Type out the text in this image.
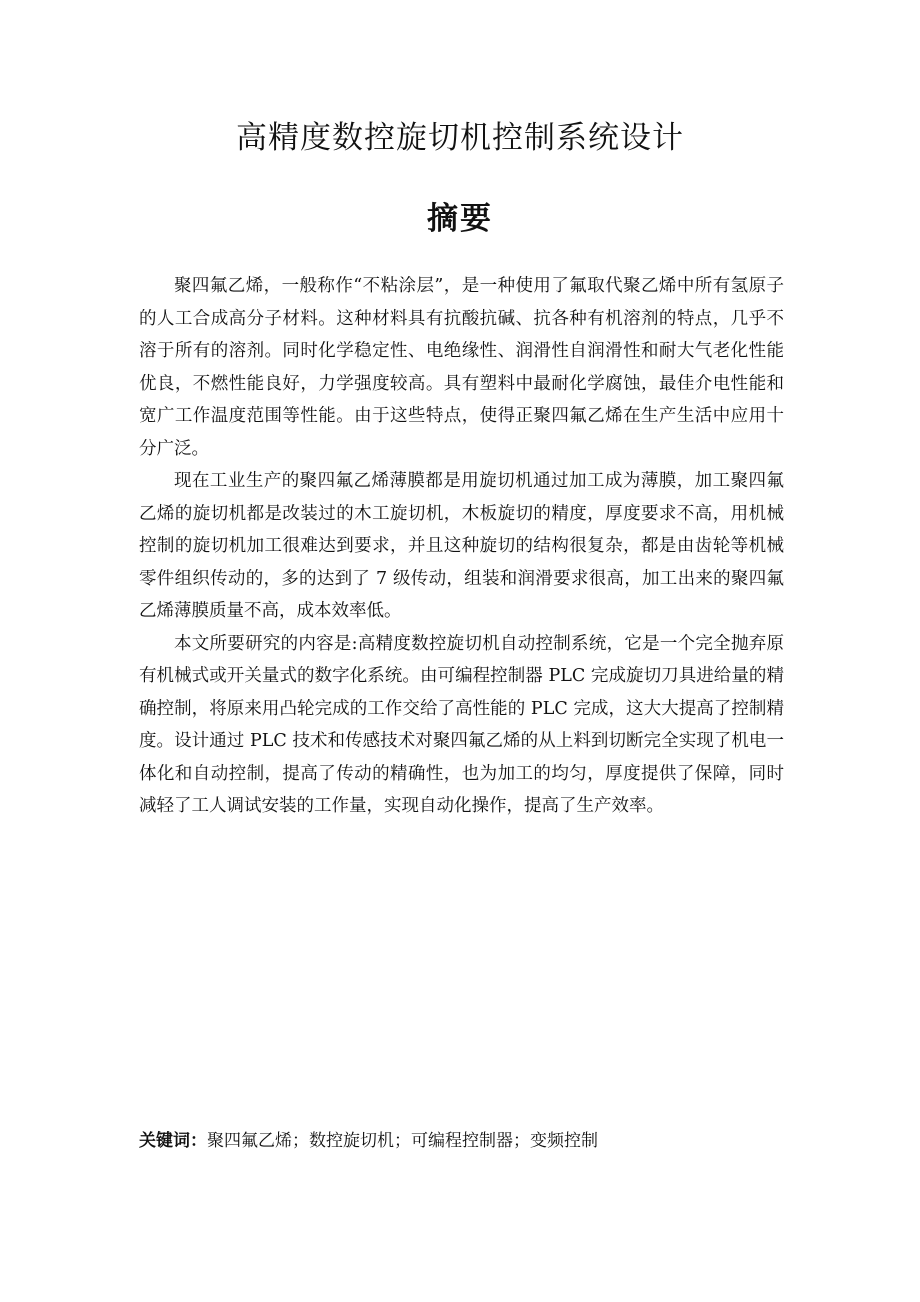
高精度数控旋切机控制系统设计
摘要

聚四氟乙烯，一般称作“不粘涂层”，是一种使用了氟取代聚乙烯中所有氢原子的人工合成高分子材料。这种材料具有抗酸抗碱、抗各种有机溶剂的特点，几乎不溶于所有的溶剂。同时化学稳定性、电绝缘性、润滑性自润滑性和耐大气老化性能优良，不燃性能良好，力学强度较高。具有塑料中最耐化学腐蚀，最佳介电性能和宽广工作温度范围等性能。由于这些特点，使得正聚四氟乙烯在生产生活中应用十分广泛。

现在工业生产的聚四氟乙烯薄膜都是用旋切机通过加工成为薄膜，加工聚四氟乙烯的旋切机都是改装过的木工旋切机，木板旋切的精度，厚度要求不高，用机械控制的旋切机加工很难达到要求，并且这种旋切的结构很复杂，都是由齿轮等机械零件组织传动的，多的达到了 7 级传动，组装和润滑要求很高，加工出来的聚四氟乙烯薄膜质量不高，成本效率低。

本文所要研究的内容是:高精度数控旋切机自动控制系统，它是一个完全抛弃原有机械式或开关量式的数字化系统。由可编程控制器 PLC 完成旋切刀具进给量的精确控制，将原来用凸轮完成的工作交给了高性能的 PLC 完成，这大大提高了控制精度。设计通过 PLC 技术和传感技术对聚四氟乙烯的从上料到切断完全实现了机电一体化和自动控制，提高了传动的精确性，也为加工的均匀，厚度提供了保障，同时减轻了工人调试安装的工作量，实现自动化操作，提高了生产效率。

关键词：聚四氟乙烯；数控旋切机；可编程控制器；变频控制
